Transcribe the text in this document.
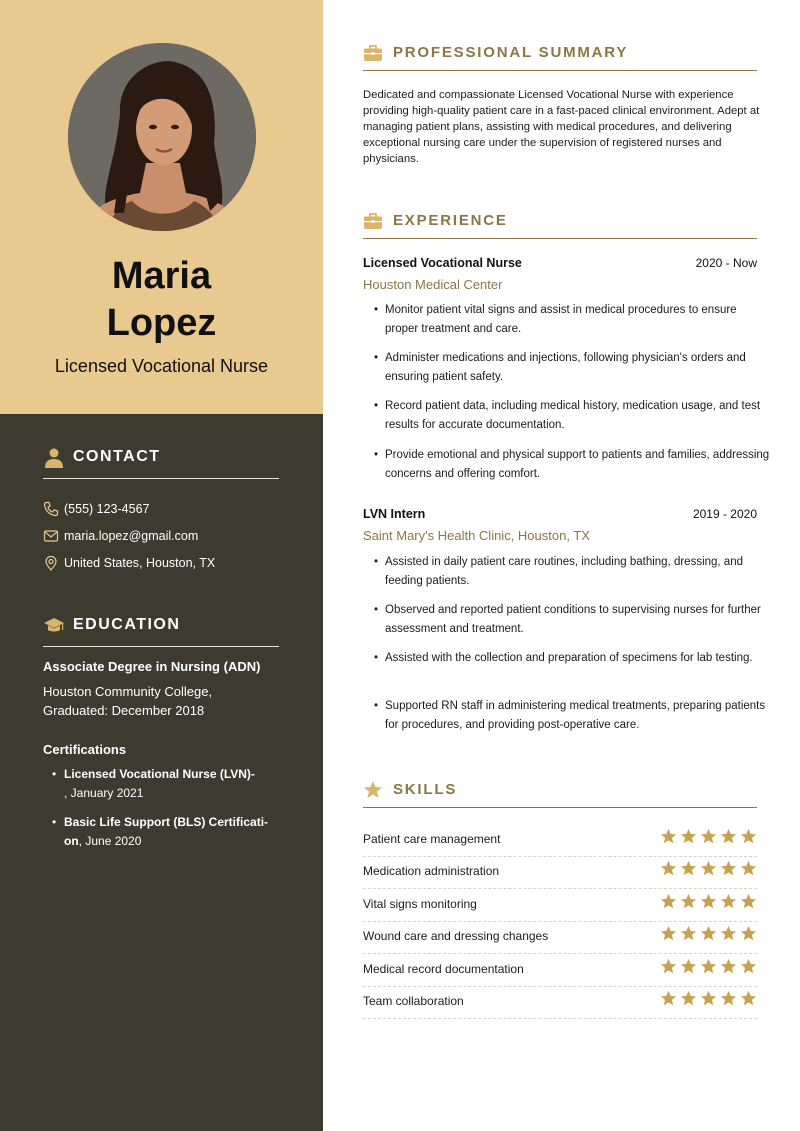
Maria
Lopez
Licensed Vocational Nurse
CONTACT
(555) 123-4567
maria.lopez@gmail.com
United States, Houston, TX
EDUCATION
Associate Degree in Nursing (ADN)
Houston Community College,
Graduated: December 2018
Certifications
• Licensed Vocational Nurse (LVN)-
, January 2021
• Basic Life Support (BLS) Certificati-
on, June 2020
PROFESSIONAL SUMMARY
Dedicated and compassionate Licensed Vocational Nurse with experience providing high-quality patient care in a fast-paced clinical environment. Adept at managing patient plans, assisting with medical procedures, and delivering exceptional nursing care under the supervision of registered nurses and physicians.
EXPERIENCE
Licensed Vocational Nurse	2020 - Now
Houston Medical Center
• Monitor patient vital signs and assist in medical procedures to ensure proper treatment and care.
• Administer medications and injections, following physician's orders and ensuring patient safety.
• Record patient data, including medical history, medication usage, and test results for accurate documentation.
• Provide emotional and physical support to patients and families, addressing concerns and offering comfort.
LVN Intern	2019 - 2020
Saint Mary's Health Clinic, Houston, TX
• Assisted in daily patient care routines, including bathing, dressing, and feeding patients.
• Observed and reported patient conditions to supervising nurses for further assessment and treatment.
• Assisted with the collection and preparation of specimens for lab testing.
• Supported RN staff in administering medical treatments, preparing patients for procedures, and providing post-operative care.
SKILLS
Patient care management
Medication administration
Vital signs monitoring
Wound care and dressing changes
Medical record documentation
Team collaboration
